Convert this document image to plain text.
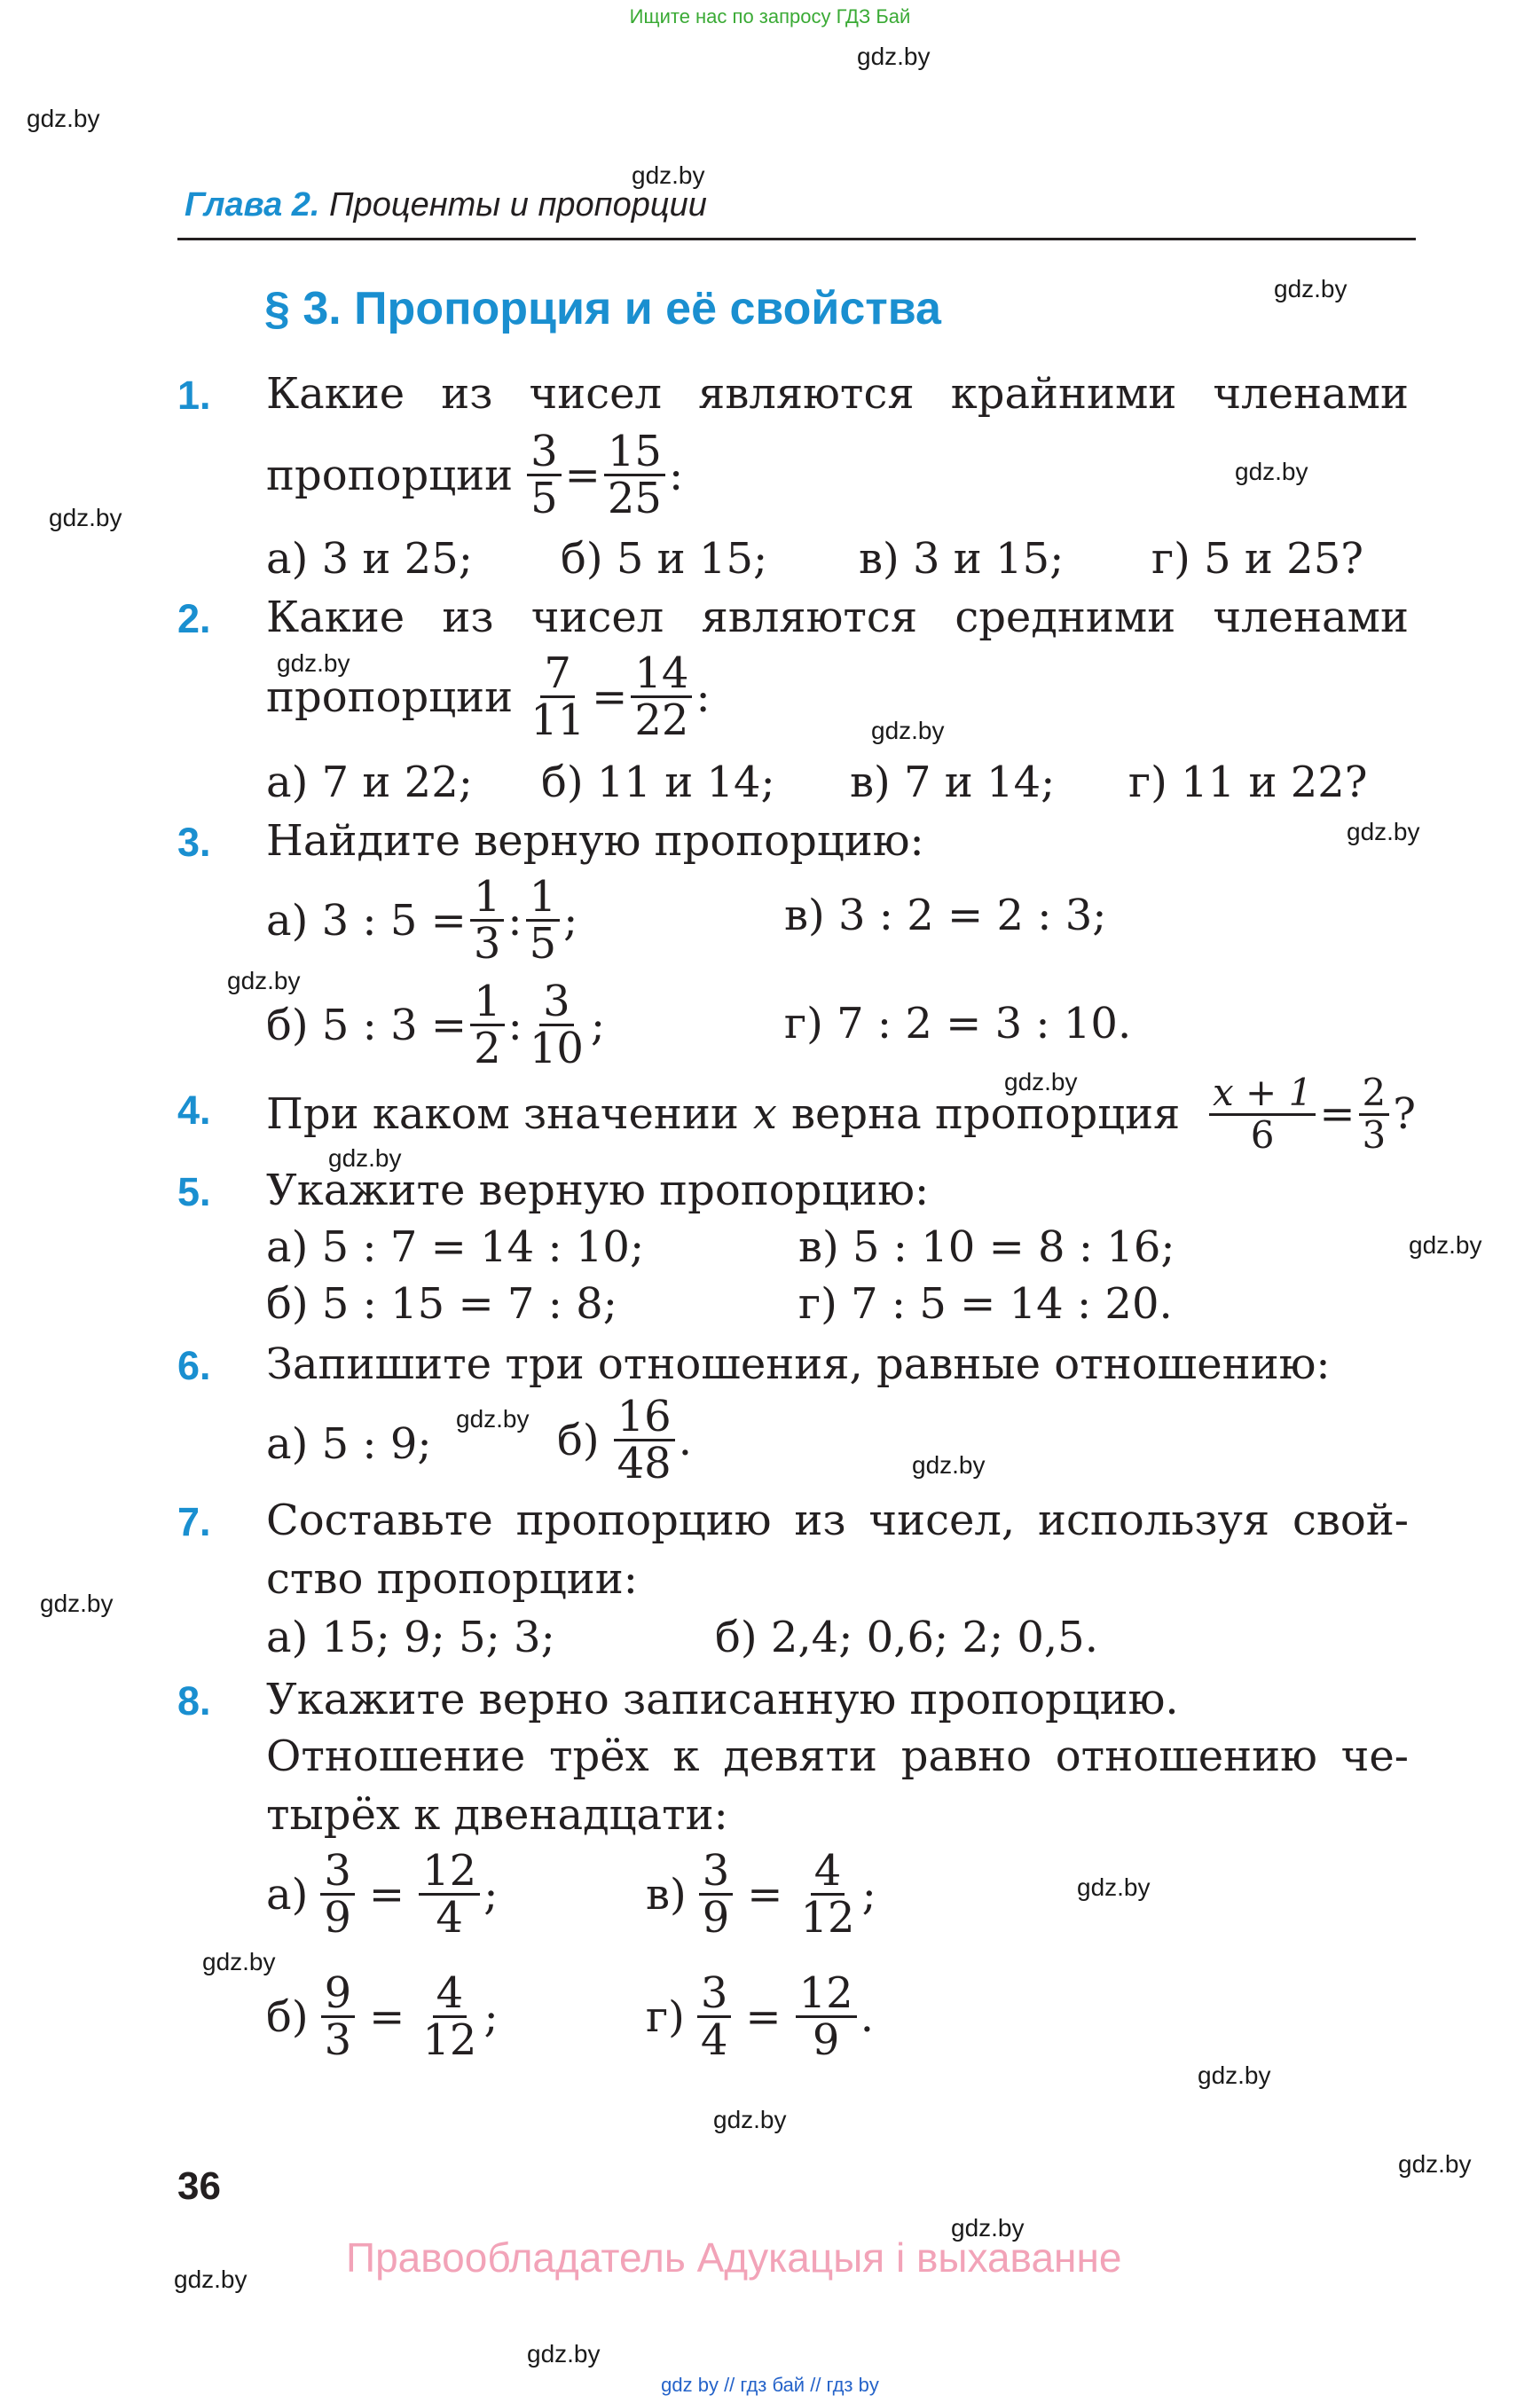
Ищите нас по запросу ГДЗ Бай
gdz.by
gdz.by
gdz.by
gdz.by
gdz.by
gdz.by
gdz.by
gdz.by
gdz.by
gdz.by
gdz.by
gdz.by
gdz.by
gdz.by
gdz.by
gdz.by
gdz.by
gdz.by
gdz.by
gdz.by
gdz.by
gdz.by
gdz.by
gdz.by
Глава 2. Проценты и пропорции
§ 3. Пропорция и её свойства
1. Какие из чисел являются крайними членами
пропорции $\frac{3}{5} = \frac{15}{25}$ :
а) 3 и 25; б) 5 и 15; в) 3 и 15; г) 5 и 25?
2. Какие из чисел являются средними членами
пропорции $\frac{7}{11} = \frac{14}{22}$ :
а) 7 и 22; б) 11 и 14; в) 7 и 14; г) 11 и 22?
3. Найдите верную пропорцию:
а) 3 : $5 = \frac{1}{3}$ : $\frac{1}{5}$ ;	в) 3 : 2 = 2 : 3;
б) 5 : $3 = \frac{1}{2}$ : $\frac{3}{10}$ ;	г) 7 : 2 = 3 : 10.
4. При каком значении x верна пропорция $\frac{x + 1}{6} = \frac{2}{3}$ ?
5. Укажите верную пропорцию:
а) 5 : 7 = 14 : 10;	в) 5 : 10 = 8 : 16;
б) 5 : 15 = 7 : 8;	г) 7 : 5 = 14 : 20.
6. Запишите три отношения, равные отношению:
а) 5 : 9;	$б) \frac{16}{48}$ .
7. Составьте пропорцию из чисел, используя свой-
ство пропорции:
а) 15; 9; 5; 3;	б) 2,4; 0,6; 2; 0,5.
8. Укажите верно записанную пропорцию.
Отношение трёх к девяти равно отношению че-
тырёх к двенадцати:
$а) \frac{3}{9} = \frac{12}{4}$ ;	$в) \frac{3}{9} = \frac{4}{12}$ ;
$б) \frac{9}{3} = \frac{4}{12}$ ;	$г) \frac{3}{4} = \frac{12}{9}$ .
36
Правообладатель Адукацыя і выхаванне
gdz by // гдз бай // гдз by
